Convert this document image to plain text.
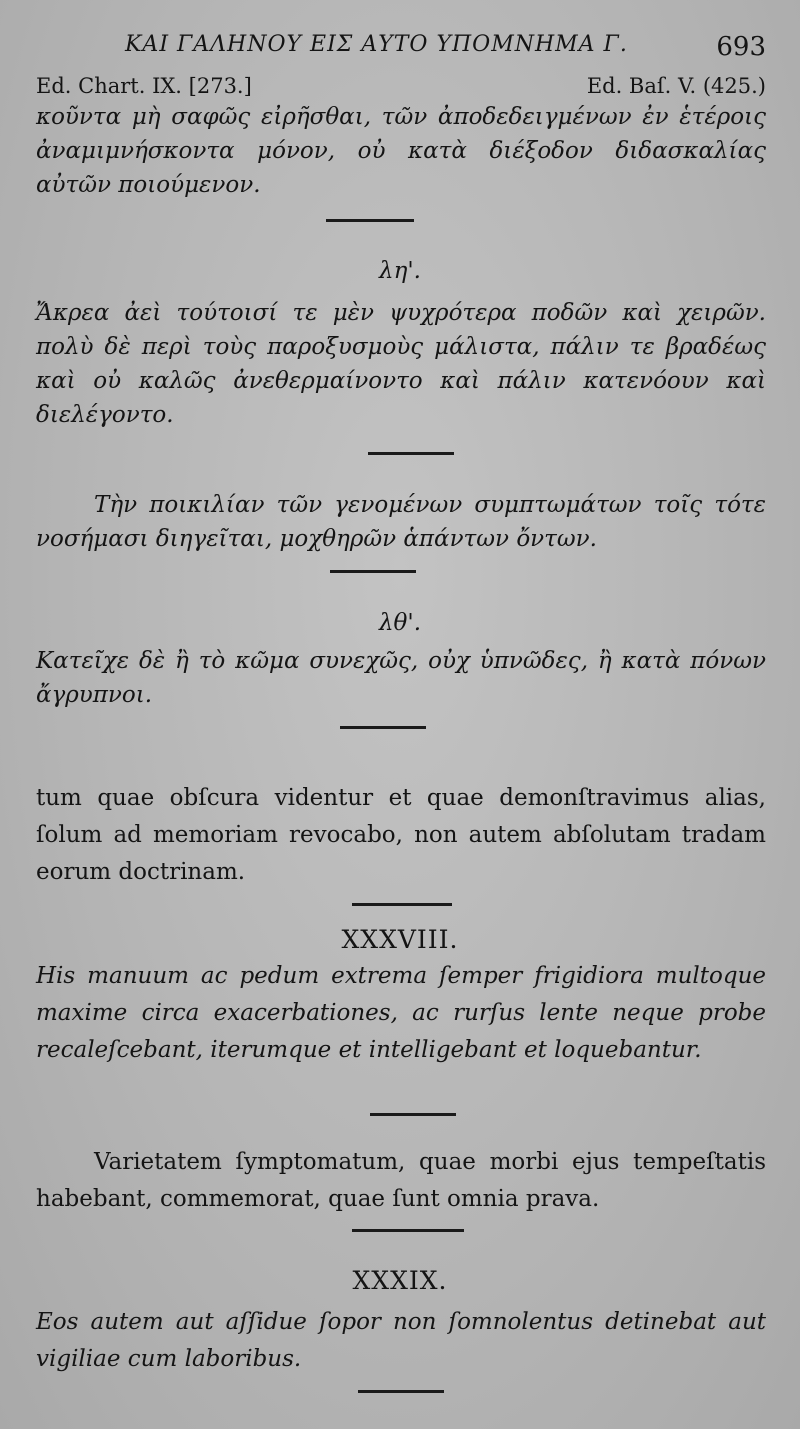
ΚΑΙ ΓΑΛΗΝΟΥ ΕΙΣ ΑΥΤΟ ΥΠΟΜΝΗΜΑ Γ.	693
Ed. Chart. IX. [273.]	Ed. Baſ. V. (425.)

κοῦντα μὴ σαφῶς εἰρῆσθαι, τῶν ἀποδεδειγμένων ἐν ἑτέροις ἀναμιμνήσκοντα μόνον, οὐ κατὰ διέξοδον διδασκαλίας αὐτῶν ποιούμενον.

λη'.

Ἄκρεα ἀεὶ τούτοισί τε μὲν ψυχρότερα ποδῶν καὶ χειρῶν. πολὺ δὲ περὶ τοὺς παροξυσμοὺς μάλιστα, πάλιν τε βραδέως καὶ οὐ καλῶς ἀνεθερμαίνοντο καὶ πάλιν κατενόουν καὶ διελέγοντο.

Τὴν ποικιλίαν τῶν γενομένων συμπτωμάτων τοῖς τότε νοσήμασι διηγεῖται, μοχθηρῶν ἁπάντων ὄντων.

λθ'.

Κατεῖχε δὲ ἢ τὸ κῶμα συνεχῶς, οὐχ ὑπνῶδες, ἢ κατὰ πόνων ἄγρυπνοι.

tum quae obſcura videntur et quae demonſtravimus alias, ſolum ad memoriam revocabo, non autem abſolutam tradam eorum doctrinam.

XXXVIII.

His manuum ac pedum extrema ſemper frigidiora multoque maxime circa exacerbationes, ac rurſus lente neque probe recaleſcebant, iterumque et intelligebant et loquebantur.

Varietatem ſymptomatum, quae morbi ejus tempeſtatis habebant, commemorat, quae ſunt omnia prava.

XXXIX.

Eos autem aut aſſidue ſopor non ſomnolentus detinebat aut vigiliae cum laboribus.
